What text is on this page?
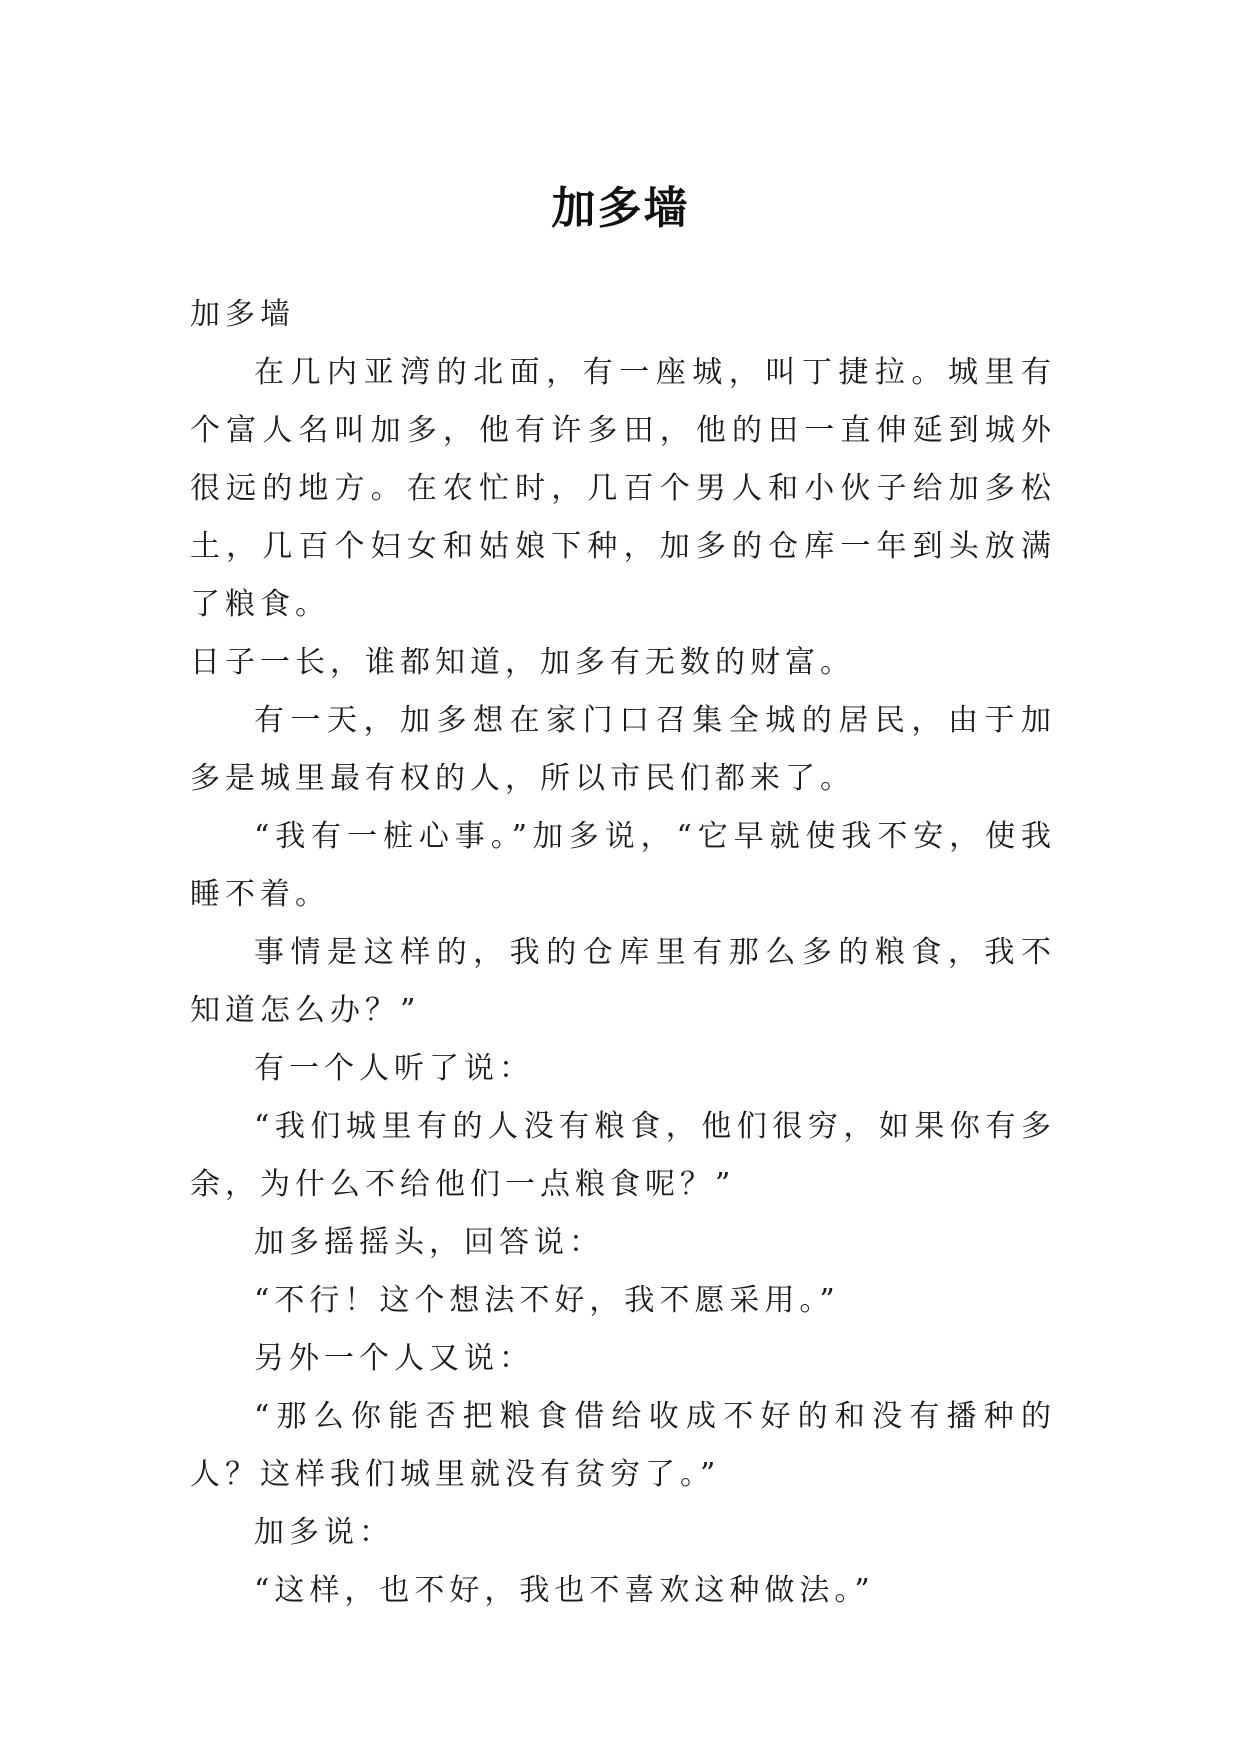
加多墙

加多墙

在几内亚湾的北面，有一座城，叫丁捷拉。城里有个富人名叫加多，他有许多田，他的田一直伸延到城外很远的地方。在农忙时，几百个男人和小伙子给加多松土，几百个妇女和姑娘下种，加多的仓库一年到头放满了粮食。

日子一长，谁都知道，加多有无数的财富。

有一天，加多想在家门口召集全城的居民，由于加多是城里最有权的人，所以市民们都来了。

“我有一桩心事。”加多说，“它早就使我不安，使我睡不着。

事情是这样的，我的仓库里有那么多的粮食，我不知道怎么办？”

有一个人听了说：

“我们城里有的人没有粮食，他们很穷，如果你有多余，为什么不给他们一点粮食呢？”

加多摇摇头，回答说：

“不行！这个想法不好，我不愿采用。”

另外一个人又说：

“那么你能否把粮食借给收成不好的和没有播种的人？这样我们城里就没有贫穷了。”

加多说：

“这样，也不好，我也不喜欢这种做法。”
